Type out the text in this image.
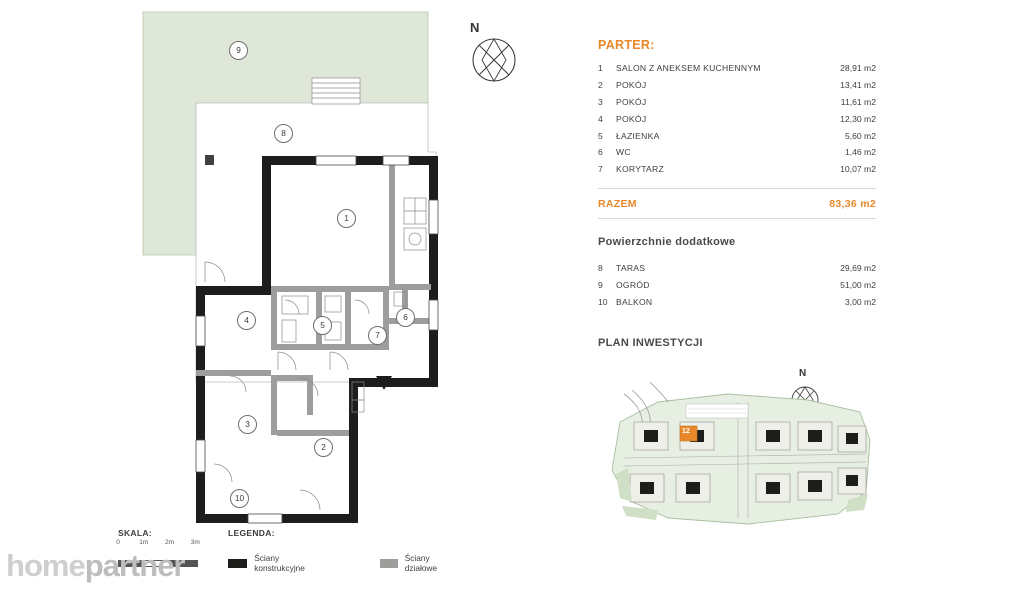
9
8
1
4	5
7
6
3
2
10
N
SKALA:
0	1m	2m	3m
LEGENDA:
Ściany konstrukcyjne
Ściany działowe
homepartner
PARTER:
1	SALON Z ANEKSEM KUCHENNYM	28,91 m2
2	POKÓJ	13,41 m2
3	POKÓJ	11,61 m2
4	POKÓJ	12,30 m2
5	ŁAZIENKA	5,60 m2
6	WC	1,46 m2
7	KORYTARZ	10,07 m2
RAZEM	83,36 m2
Powierzchnie dodatkowe
8	TARAS	29,69 m2
9	OGRÓD	51,00 m2
10	BALKON	3,00 m2
PLAN INWESTYCJI
N
12
